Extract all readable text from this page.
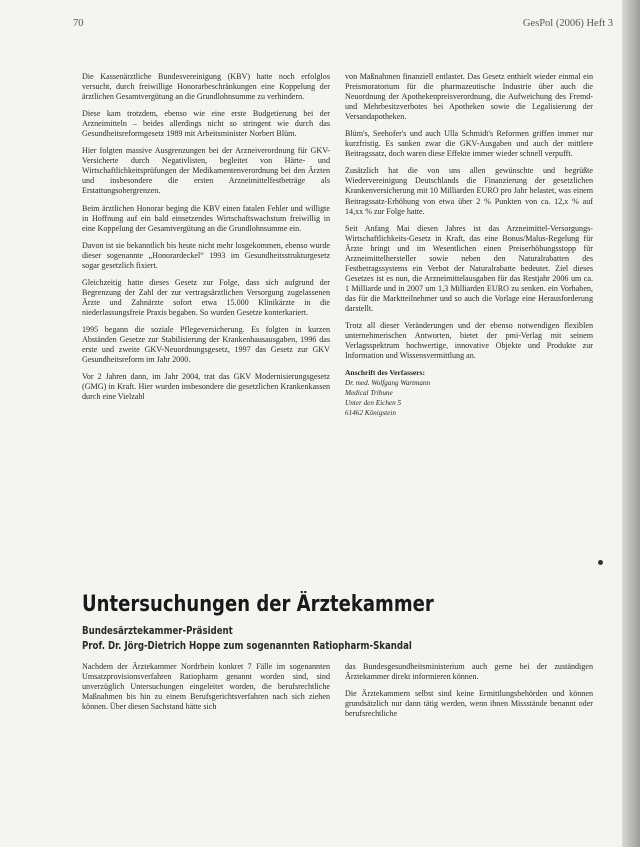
70	GesPol (2006) Heft 3

Die Kassenärztliche Bundesvereinigung (KBV) hatte noch erfolglos versucht, durch freiwillige Honorarbeschränkungen eine Koppelung der ärztlichen Gesamtvergütung an die Grundlohnsumme zu verhindern.

Diese kam trotzdem, ebenso wie eine erste Budgetierung bei der Arzneimitteln – beides allerdings nicht so stringent wie durch das Gesundheitsreformgesetz 1989 mit Arbeitsminister Norbert Blüm.

Hier folgten massive Ausgrenzungen bei der Arzneiverordnung für GKV-Versicherte durch Negativlisten, begleitet von Härte- und Wirtschaftlichkeitsprüfungen der Medikamentenverordnung bei den Ärzten und insbesondere die ersten Arzneimittelfestbeträge als Erstattungsobergrenzen.

Beim ärztlichen Honorar beging die KBV einen fatalen Fehler und willigte in Hoffnung auf ein bald einsetzendes Wirtschaftswachstum freiwillig in eine Koppelung der Gesamtvergütung an die Grundlohnsumme ein.

Davon ist sie bekanntlich bis heute nicht mehr losgekommen, ebenso wurde dieser sogenannte „Honorardeckel“ 1993 im Gesundheitsstrukturgesetz sogar gesetzlich fixiert.

Gleichzeitig hatte dieses Gesetz zur Folge, dass sich aufgrund der Begrenzung der Zahl der zur vertragsärztlichen Versorgung zugelassenen Ärzte und Zahnärzte sofort etwa 15.000 Klinikärzte in die niederlassungsfreie Praxis begaben. So wurden Gesetze konterkariert.

1995 begann die soziale Pflegeversicherung. Es folgten in kurzen Abständen Gesetze zur Stabilisierung der Krankenhausausgaben, 1996 das erste und zweite GKV-Neuordnungsgesetz, 1997 das Gesetz zur GKV Gesundheitsreform im Jahr 2000.

Vor 2 Jahren dann, im Jahr 2004, trat das GKV Modernisierungsgesetz (GMG) in Kraft. Hier wurden insbesondere die gesetzlichen Krankenkassen durch eine Vielzahl

von Maßnahmen finanziell entlastet. Das Gesetz enthielt wieder einmal ein Preismoratorium für die pharmazeutische Industrie über auch die Neuordnung der Apothekenpreisverordnung, die Aufweichung des Fremd- und Mehrbesitzverbotes bei Apotheken sowie die Legalisierung der Versandapotheken.

Blüm's, Seehofer's und auch Ulla Schmidt's Reformen griffen immer nur kurzfristig. Es sanken zwar die GKV-Ausgaben und auch der mittlere Beitragssatz, doch waren diese Effekte immer wieder schnell verpufft.

Zusätzlich hat die von uns allen gewünschte und begrüßte Wiedervereinigung Deutschlands die Finanzierung der gesetzlichen Krankenversicherung mit 10 Milliarden EURO pro Jahr belastet, was einem Beitragssatz-Erhöhung von etwa über 2 % Punkten von ca. 12,x % auf 14,xx % zur Folge hatte.

Seit Anfang Mai diesen Jahres ist das Arzneimittel-Versorgungs-Wirtschaftlichkeits-Gesetz in Kraft, das eine Bonus/Malus-Regelung für Ärzte bringt und im Wesentlichen einen Preiserhöhungsstopp für Arzneimittelhersteller sowie neben den Naturalrabatten des Festbetragssystems ein Verbot der Naturalrabatte bedeutet. Ziel dieses Gesetzes ist es nun, die Arzneimittelausgaben für das Restjahr 2006 um ca. 1 Milliarde und in 2007 um 1,3 Milliarden EURO zu senken. ein Vorhaben, das für die Marktteilnehmer und so auch die Vorlage eine Herausforderung darstellt.

Trotz all dieser Veränderungen und der ebenso notwendigen flexiblen unternehmerischen Antworten, bietet der pmi-Verlag mit seinem Verlagsspektrum hochwertige, innovative Objekte und Produkte zur Information und Wissensvermittlung an.

Anschrift des Verfassers:
Dr. med. Wolfgang Wartmann
Medical Tribune
Unter den Eichen 5
61462 Königstein
Untersuchungen der Ärztekammer
Bundesärztekammer-Präsident
Prof. Dr. Jörg-Dietrich Hoppe zum sogenannten Ratiopharm-Skandal

Nachdem der Ärztekammer Nordrhein konkret 7 Fälle im sogenannten Umsatzprovisionsverfahren Ratiopharm genannt worden sind, sind unverzüglich Untersuchungen eingeleitet worden, die berufsrechtliche Maßnahmen bis hin zu einem Berufsgerichtsverfahren nach sich ziehen können. Über diesen Sachstand hätte sich

das Bundesgesundheitsministerium auch gerne bei der zuständigen Ärztekammer direkt informieren können.

Die Ärztekammern selbst sind keine Ermittlungsbehörden und können grundsätzlich nur dann tätig werden, wenn ihnen Missstände benannt oder berufsrechtliche
